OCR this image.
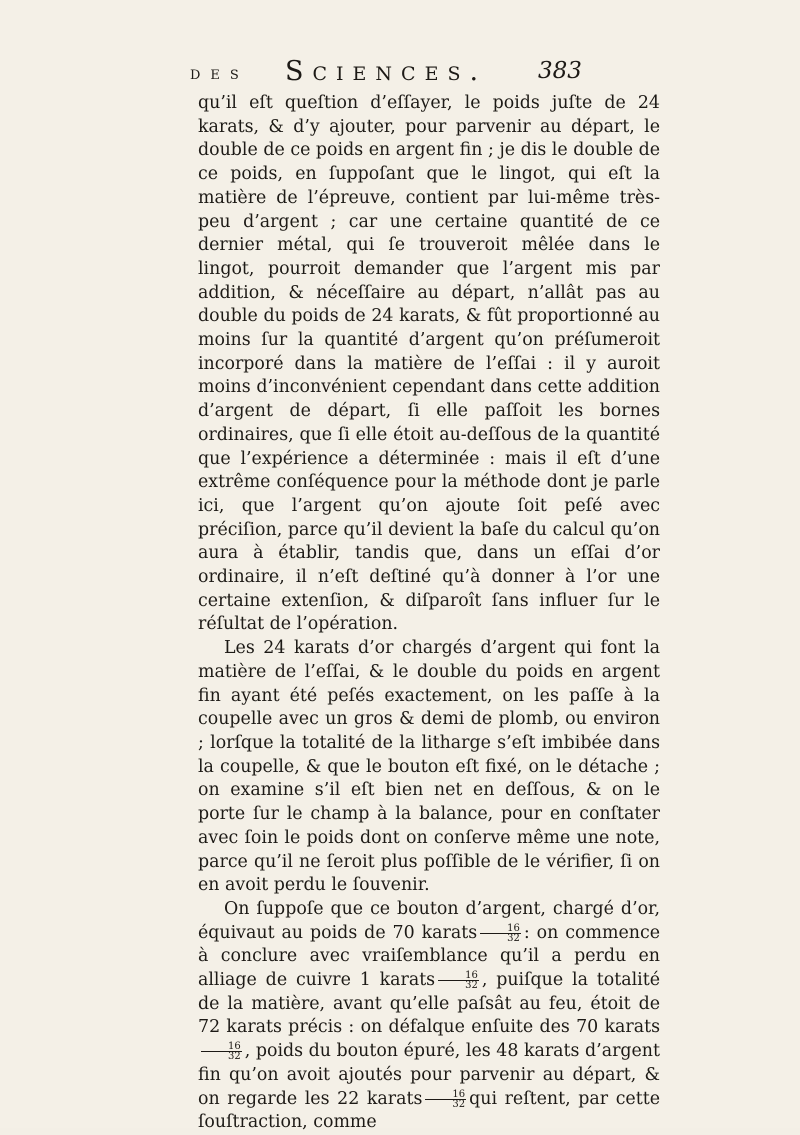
des Sciences. 383

qu’il eſt queſtion d’eſſayer, le poids juſte de 24 karats, & d’y ajouter, pour parvenir au départ, le double de ce poids en argent fin ; je dis le double de ce poids, en ſuppoſant que le lingot, qui eſt la matière de l’épreuve, contient par lui-même très-peu d’argent ; car une certaine quantité de ce dernier métal, qui ſe trouveroit mêlée dans le lingot, pourroit demander que l’argent mis par addition, & néceſſaire au départ, n’allât pas au double du poids de 24 karats, & fût proportionné au moins ſur la quantité d’argent qu’on préſumeroit incorporé dans la matière de l’eſſai : il y auroit moins d’inconvénient cependant dans cette addition d’argent de départ, ſi elle paſſoit les bornes ordinaires, que ſi elle étoit au-deſſous de la quantité que l’expérience a déterminée : mais il eſt d’une extrême conſéquence pour la méthode dont je parle ici, que l’argent qu’on ajoute ſoit peſé avec préciſion, parce qu’il devient la baſe du calcul qu’on aura à établir, tandis que, dans un eſſai d’or ordinaire, il n’eſt deſtiné qu’à donner à l’or une certaine extenſion, & diſparoît ſans influer ſur le réſultat de l’opération.

Les 24 karats d’or chargés d’argent qui font la matière de l’eſſai, & le double du poids en argent fin ayant été peſés exactement, on les paſſe à la coupelle avec un gros & demi de plomb, ou environ ; lorſque la totalité de la litharge s’eſt imbibée dans la coupelle, & que le bouton eſt fixé, on le détache ; on examine s’il eſt bien net en deſſous, & on le porte ſur le champ à la balance, pour en conſtater avec ſoin le poids dont on conſerve même une note, parce qu’il ne ſeroit plus poſſible de le vérifier, ſi on en avoit perdu le ſouvenir.

On ſuppoſe que ce bouton d’argent, chargé d’or, équivaut au poids de 70 karats $\frac{16}{32}$ : on commence à conclure avec vraiſemblance qu’il a perdu en alliage de cuivre 1 karats $\frac{16}{32}$ , puiſque la totalité de la matière, avant qu’elle paſsât au feu, étoit de 72 karats précis : on défalque enſuite des 70 karats
$\frac{16}{32}$ , poids du bouton épuré, les 48 karats d’argent fin qu’on avoit ajoutés pour parvenir au départ, & on regarde les 22 karats $\frac{16}{32}$ qui reſtent, par cette ſouſtraction, comme
